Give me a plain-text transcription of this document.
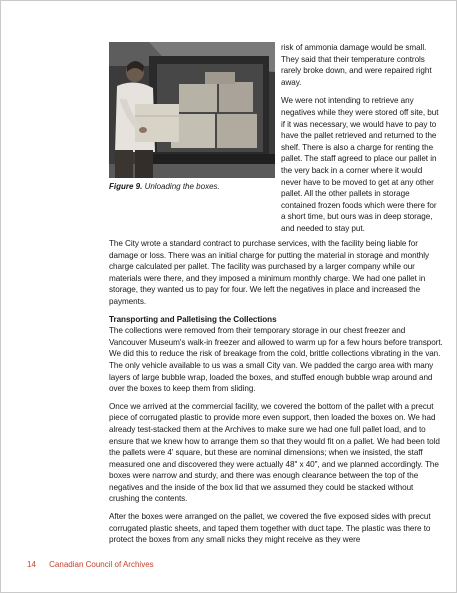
Figure 9. Unloading the boxes.

risk of ammonia damage would be small. They said that their temperature controls rarely broke down, and were repaired right away.

We were not intending to retrieve any negatives while they were stored off site, but if it was necessary, we would have to pay to have the pallet retrieved and returned to the shelf. There is also a charge for renting the pallet. The staff agreed to place our pallet in the very back in a corner where it would never have to be moved to get at any other pallet. All the other pallets in storage contained frozen foods which were there for a short time, but ours was in deep storage, and needed to stay put.

The City wrote a standard contract to purchase services, with the facility being liable for damage or loss. There was an initial charge for putting the material in storage and monthly charge calculated per pallet. The facility was purchased by a larger company while our materials were there, and they imposed a minimum monthly charge. We had one pallet in storage, they wanted us to pay for four. We left the negatives in place and increased the payments.

Transporting and Palletising the Collections

The collections were removed from their temporary storage in our chest freezer and Vancouver Museum's walk-in freezer and allowed to warm up for a few hours before transport. We did this to reduce the risk of breakage from the cold, brittle collections vibrating in the van. The only vehicle available to us was a small City van. We padded the cargo area with many layers of large bubble wrap, loaded the boxes, and stuffed enough bubble wrap around and over the boxes to keep them from sliding.

Once we arrived at the commercial facility, we covered the bottom of the pallet with a precut piece of corrugated plastic to provide more even support, then loaded the boxes on. We had already test-stacked them at the Archives to make sure we had one full pallet load, and to ensure that we knew how to arrange them so that they would fit on a pallet. We had been told the pallets were 4' square, but these are nominal dimensions; when we insisted, the staff measured one and discovered they were actually 48" x 40", and we planned accordingly. The boxes were narrow and sturdy, and there was enough clearance between the top of the negatives and the inside of the box lid that we assumed they could be stacked without crushing the contents.

After the boxes were arranged on the pallet, we covered the five exposed sides with precut corrugated plastic sheets, and taped them together with duct tape. The plastic was there to protect the boxes from any small nicks they might receive as they were

14 Canadian Council of Archives
